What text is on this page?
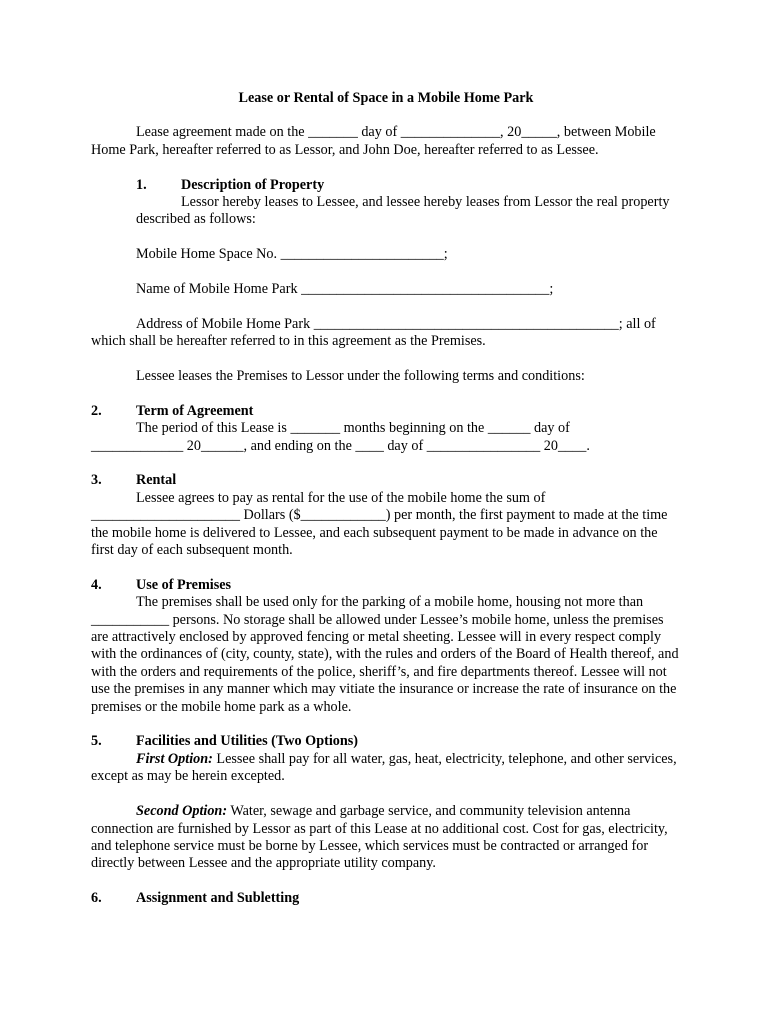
Lease or Rental of Space in a Mobile Home Park

Lease agreement made on the _______ day of ______________, 20_____, between Mobile Home Park, hereafter referred to as Lessor, and John Doe, hereafter referred to as Lessee.

1. Description of Property

Lessor hereby leases to Lessee, and lessee hereby leases from Lessor the real property described as follows:

Mobile Home Space No. _______________________;

Name of Mobile Home Park ___________________________________;

Address of Mobile Home Park ___________________________________________; all of which shall be hereafter referred to in this agreement as the Premises.

Lessee leases the Premises to Lessor under the following terms and conditions:

2. Term of Agreement

The period of this Lease is _______ months beginning on the ______ day of

_____________ 20______, and ending on the ____ day of ________________ 20____.

3. Rental

Lessee agrees to pay as rental for the use of the mobile home the sum of

_____________________ Dollars ($____________) per month, the first payment to made at the time the mobile home is delivered to Lessee, and each subsequent payment to be made in advance on the first day of each subsequent month.

4. Use of Premises

The premises shall be used only for the parking of a mobile home, housing not more than

___________ persons. No storage shall be allowed under Lessee’s mobile home, unless the premises are attractively enclosed by approved fencing or metal sheeting. Lessee will in every respect comply with the ordinances of (city, county, state), with the rules and orders of the Board of Health thereof, and with the orders and requirements of the police, sheriff’s, and fire departments thereof. Lessee will not use the premises in any manner which may vitiate the insurance or increase the rate of insurance on the premises or the mobile home park as a whole.

5. Facilities and Utilities (Two Options)

First Option: Lessee shall pay for all water, gas, heat, electricity, telephone, and other services, except as may be herein excepted.

Second Option: Water, sewage and garbage service, and community television antenna connection are furnished by Lessor as part of this Lease at no additional cost. Cost for gas, electricity, and telephone service must be borne by Lessee, which services must be contracted or arranged for directly between Lessee and the appropriate utility company.

6. Assignment and Subletting
